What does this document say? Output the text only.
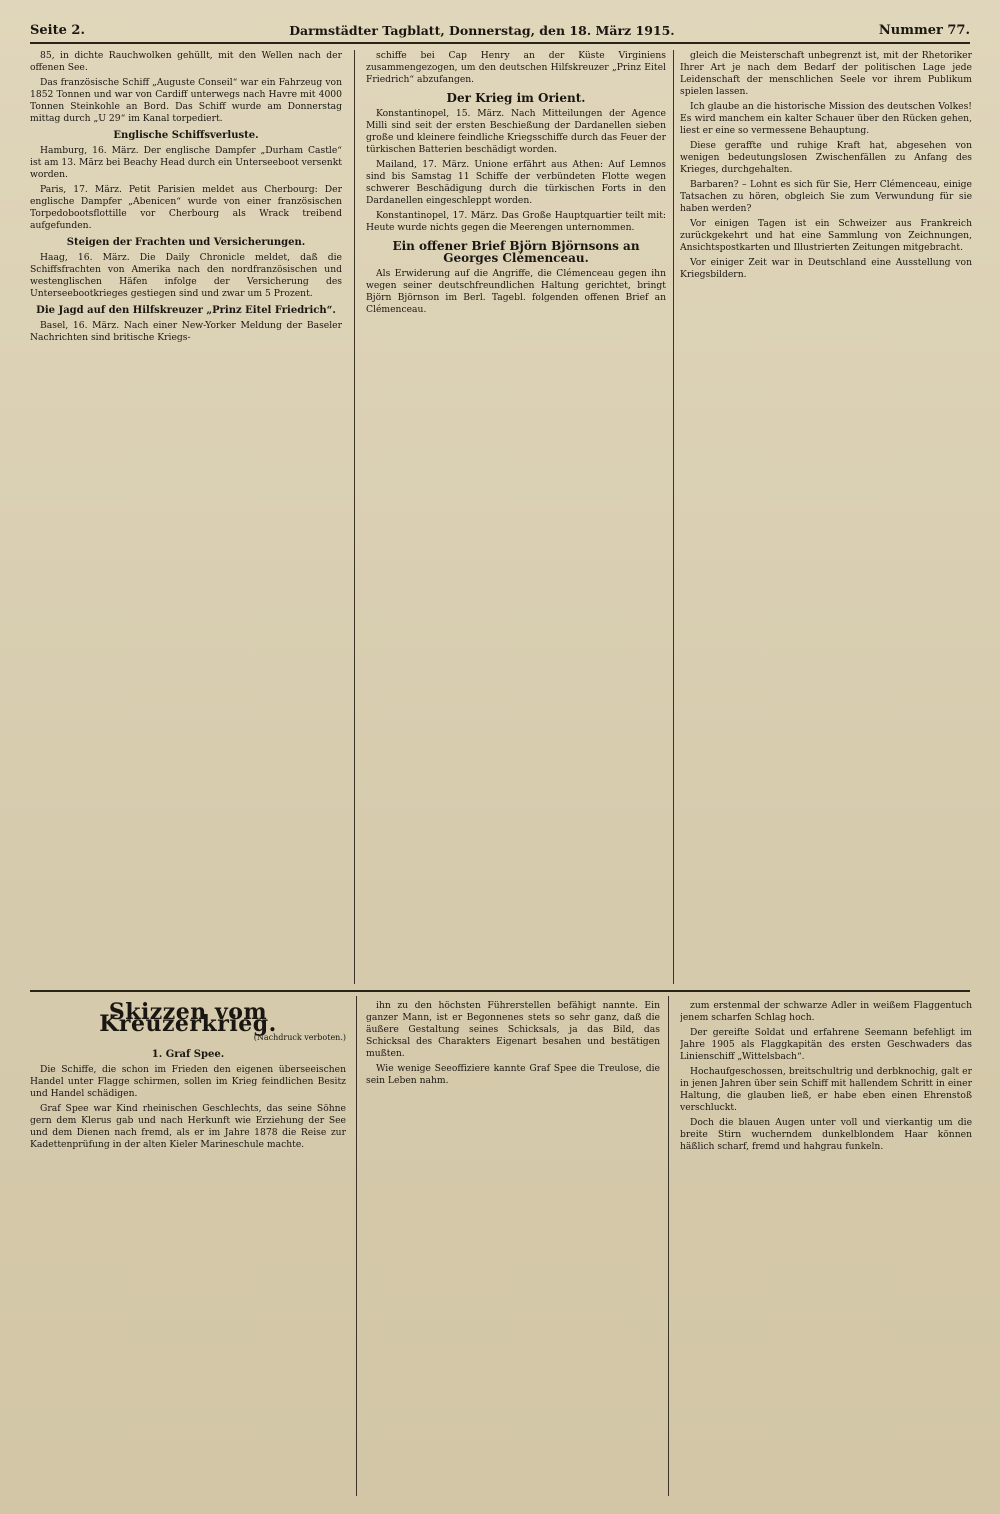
Seite 2.	Darmstädter Tagblatt, Donnerstag, den 18. März 1915.	Nummer 77.

85, in dichte Rauchwolken gehüllt, mit den Wellen nach der offenen See.

Das französische Schiff „Auguste Conseil“ war ein Fahrzeug von 1852 Tonnen und war von Cardiff unterwegs nach Havre mit 4000 Tonnen Steinkohle an Bord. Das Schiff wurde am Donnerstag mittag durch „U 29“ im Kanal torpediert.

Englische Schiffsverluste.

Hamburg, 16. März. Der englische Dampfer „Durham Castle“ ist am 13. März bei Beachy Head durch ein Unterseeboot versenkt worden.

Paris, 17. März. Petit Parisien meldet aus Cherbourg: Der englische Dampfer „Abenicen“ wurde von einer französischen Torpedobootsflottille vor Cherbourg als Wrack treibend aufgefunden.

Steigen der Frachten und Versicherungen.

Haag, 16. März. Die Daily Chronicle meldet, daß die Schiffsfrachten von Amerika nach den nordfranzösischen und westenglischen Häfen infolge der Versicherung des Unterseebootkrieges gestiegen sind und zwar um 5 Prozent.

Die Jagd auf den Hilfskreuzer „Prinz Eitel Friedrich“.

Basel, 16. März. Nach einer New-Yorker Meldung der Baseler Nachrichten sind britische Kriegs-

schiffe bei Cap Henry an der Küste Virginiens zusammengezogen, um den deutschen Hilfskreuzer „Prinz Eitel Friedrich“ abzufangen.

Der Krieg im Orient.

Konstantinopel, 15. März. Nach Mitteilungen der Agence Milli sind seit der ersten Beschießung der Dardanellen sieben große und kleinere feindliche Kriegsschiffe durch das Feuer der türkischen Batterien beschädigt worden.

Mailand, 17. März. Unione erfährt aus Athen: Auf Lemnos sind bis Samstag 11 Schiffe der verbündeten Flotte wegen schwerer Beschädigung durch die türkischen Forts in den Dardanellen eingeschleppt worden.

Konstantinopel, 17. März. Das Große Hauptquartier teilt mit: Heute wurde nichts gegen die Meerengen unternommen.

Ein offener Brief Björn Björnsons an Georges Clémenceau.

Als Erwiderung auf die Angriffe, die Clémenceau gegen ihn wegen seiner deutschfreundlichen Haltung gerichtet, bringt Björn Björnson im Berl. Tagebl. folgenden offenen Brief an Clémenceau.

gleich die Meisterschaft unbegrenzt ist, mit der Rhetoriker Ihrer Art je nach dem Bedarf der politischen Lage jede Leidenschaft der menschlichen Seele vor ihrem Publikum spielen lassen.

Ich glaube an die historische Mission des deutschen Volkes! Es wird manchem ein kalter Schauer über den Rücken gehen, liest er eine so vermessene Behauptung.

Diese geraffte und ruhige Kraft hat, abgesehen von wenigen bedeutungslosen Zwischenfällen zu Anfang des Krieges, durchgehalten.

Barbaren? – Lohnt es sich für Sie, Herr Clémenceau, einige Tatsachen zu hören, obgleich Sie zum Verwundung für sie haben werden?

Vor einigen Tagen ist ein Schweizer aus Frankreich zurückgekehrt und hat eine Sammlung von Zeichnungen, Ansichtspostkarten und Illustrierten Zeitungen mitgebracht.

Vor einiger Zeit war in Deutschland eine Ausstellung von Kriegsbildern.

Skizzen vom Kreuzerkrieg.
(Nachdruck verboten.)
1. Graf Spee.

Die Schiffe, die schon im Frieden den eigenen überseeischen Handel unter Flagge schirmen, sollen im Krieg feindlichen Besitz und Handel schädigen.

Graf Spee war Kind rheinischen Geschlechts, das seine Söhne gern dem Klerus gab und nach Herkunft wie Erziehung der See und dem Dienen nach fremd, als er im Jahre 1878 die Reise zur Kadettenprüfung in der alten Kieler Marineschule machte.

ihn zu den höchsten Führerstellen befähigt nannte. Ein ganzer Mann, ist er Begonnenes stets so sehr ganz, daß die äußere Gestaltung seines Schicksals, ja das Bild, das Schicksal des Charakters Eigenart besahen und bestätigen mußten.

Wie wenige Seeoffiziere kannte Graf Spee die Treulose, die sein Leben nahm.

zum erstenmal der schwarze Adler in weißem Flaggentuch jenem scharfen Schlag hoch.

Der gereifte Soldat und erfahrene Seemann befehligt im Jahre 1905 als Flaggkapitän des ersten Geschwaders das Linienschiff „Wittelsbach“.

Hochaufgeschossen, breitschultrig und derbknochig, galt er in jenen Jahren über sein Schiff mit hallendem Schritt in einer Haltung, die glauben ließ, er habe eben einen Ehrenstoß verschluckt.

Doch die blauen Augen unter voll und vierkantig um die breite Stirn wucherndem dunkelblondem Haar können häßlich scharf, fremd und hahgrau funkeln.
